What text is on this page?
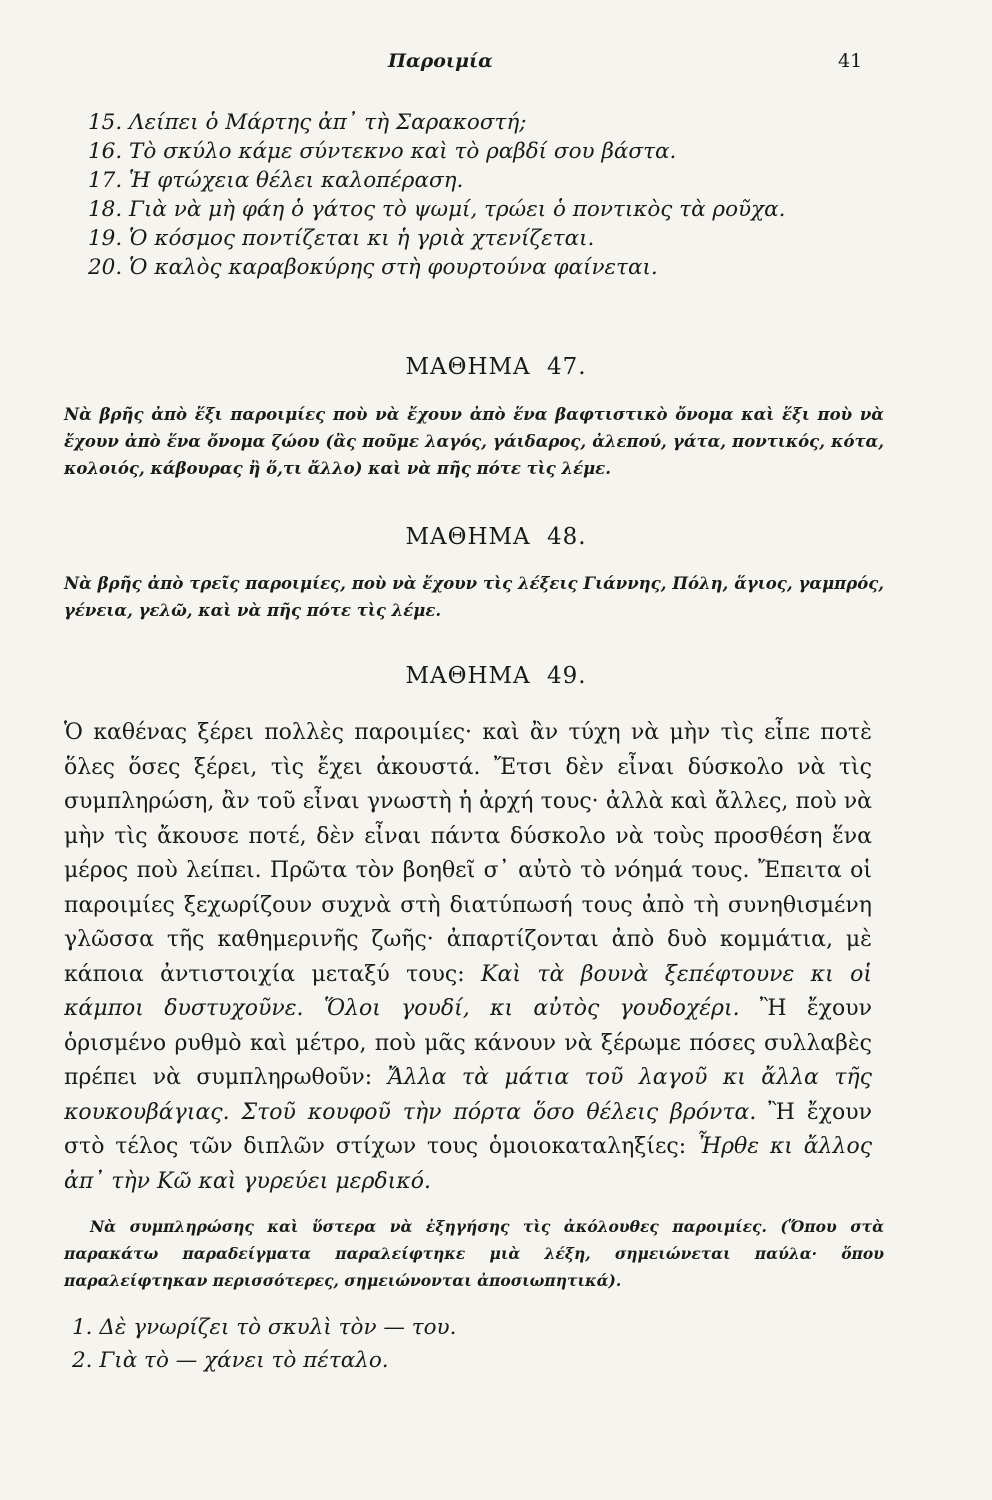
Παροιμία	41
15. Λείπει ὁ Μάρτης ἀπ᾽ τὴ Σαρακοστή;
16. Τὸ σκύλο κάμε σύντεκνο καὶ τὸ ραβδί σου βάστα.
17. Ἡ φτώχεια θέλει καλοπέραση.
18. Γιὰ νὰ μὴ φάη ὁ γάτος τὸ ψωμί, τρώει ὁ ποντικὸς τὰ ροῦχα.
19. Ὁ κόσμος ποντίζεται κι ἡ γριὰ χτενίζεται.
20. Ὁ καλὸς καραβοκύρης στὴ φουρτούνα φαίνεται.
ΜΑΘΗΜΑ 47.
Νὰ βρῆς ἀπὸ ἕξι παροιμίες ποὺ νὰ ἔχουν ἀπὸ ἕνα βαφτιστικὸ ὄνομα καὶ ἕξι ποὺ νὰ ἔχουν ἀπὸ ἕνα ὄνομα ζώου (ἂς ποῦμε λαγός, γάιδαρος, ἀλεπού, γάτα, ποντικός, κότα, κολοιός, κάβουρας ἢ ὅ,τι ἄλλο) καὶ νὰ πῆς πότε τὶς λέμε.
ΜΑΘΗΜΑ 48.
Νὰ βρῆς ἀπὸ τρεῖς παροιμίες, ποὺ νὰ ἔχουν τὶς λέξεις Γιάννης, Πόλη, ἅγιος, γαμπρός, γένεια, γελῶ, καὶ νὰ πῆς πότε τὶς λέμε.
ΜΑΘΗΜΑ 49.
Ὁ καθένας ξέρει πολλὲς παροιμίες· καὶ ἂν τύχη νὰ μὴν τὶς εἶπε ποτὲ ὅλες ὅσες ξέρει, τὶς ἔχει ἀκουστά. Ἔτσι δὲν εἶναι δύσκολο νὰ τὶς συμπληρώση, ἂν τοῦ εἶναι γνωστὴ ἡ ἀρχή τους· ἀλλὰ καὶ ἄλλες, ποὺ νὰ μὴν τὶς ἄκουσε ποτέ, δὲν εἶναι πάντα δύσκολο νὰ τοὺς προσθέση ἕνα μέρος ποὺ λείπει. Πρῶτα τὸν βοηθεῖ σ᾽ αὐτὸ τὸ νόημά τους. Ἔπειτα οἱ παροιμίες ξεχωρίζουν συχνὰ στὴ διατύπωσή τους ἀπὸ τὴ συνηθισμένη γλῶσσα τῆς καθημερινῆς ζωῆς· ἀπαρτίζονται ἀπὸ δυὸ κομμάτια, μὲ κάποια ἀντιστοιχία μεταξύ τους: Καὶ τὰ βουνὰ ξεπέφτουνε κι οἱ κάμποι δυστυχοῦνε. Ὅλοι γουδί, κι αὐτὸς γουδοχέρι. Ἢ ἔχουν ὁρισμένο ρυθμὸ καὶ μέτρο, ποὺ μᾶς κάνουν νὰ ξέρωμε πόσες συλλαβὲς πρέπει νὰ συμπληρωθοῦν: Ἄλλα τὰ μάτια τοῦ λαγοῦ κι ἄλλα τῆς κουκουβάγιας. Στοῦ κουφοῦ τὴν πόρτα ὅσο θέλεις βρόντα. Ἢ ἔχουν στὸ τέλος τῶν διπλῶν στίχων τους ὁμοιοκαταληξίες: Ἦρθε κι ἄλλος ἀπ᾽ τὴν Κῶ καὶ γυρεύει μερδικό.
Νὰ συμπληρώσης καὶ ὕστερα νὰ ἐξηγήσης τὶς ἀκόλουθες παροιμίες. (Ὅπου στὰ παρακάτω παραδείγματα παραλείφτηκε μιὰ λέξη, σημειώνεται παύλα· ὅπου παραλείφτηκαν περισσότερες, σημειώνονται ἀποσιωπητικά).
1. Δὲ γνωρίζει τὸ σκυλὶ τὸν — του.
2. Γιὰ τὸ — χάνει τὸ πέταλο.
